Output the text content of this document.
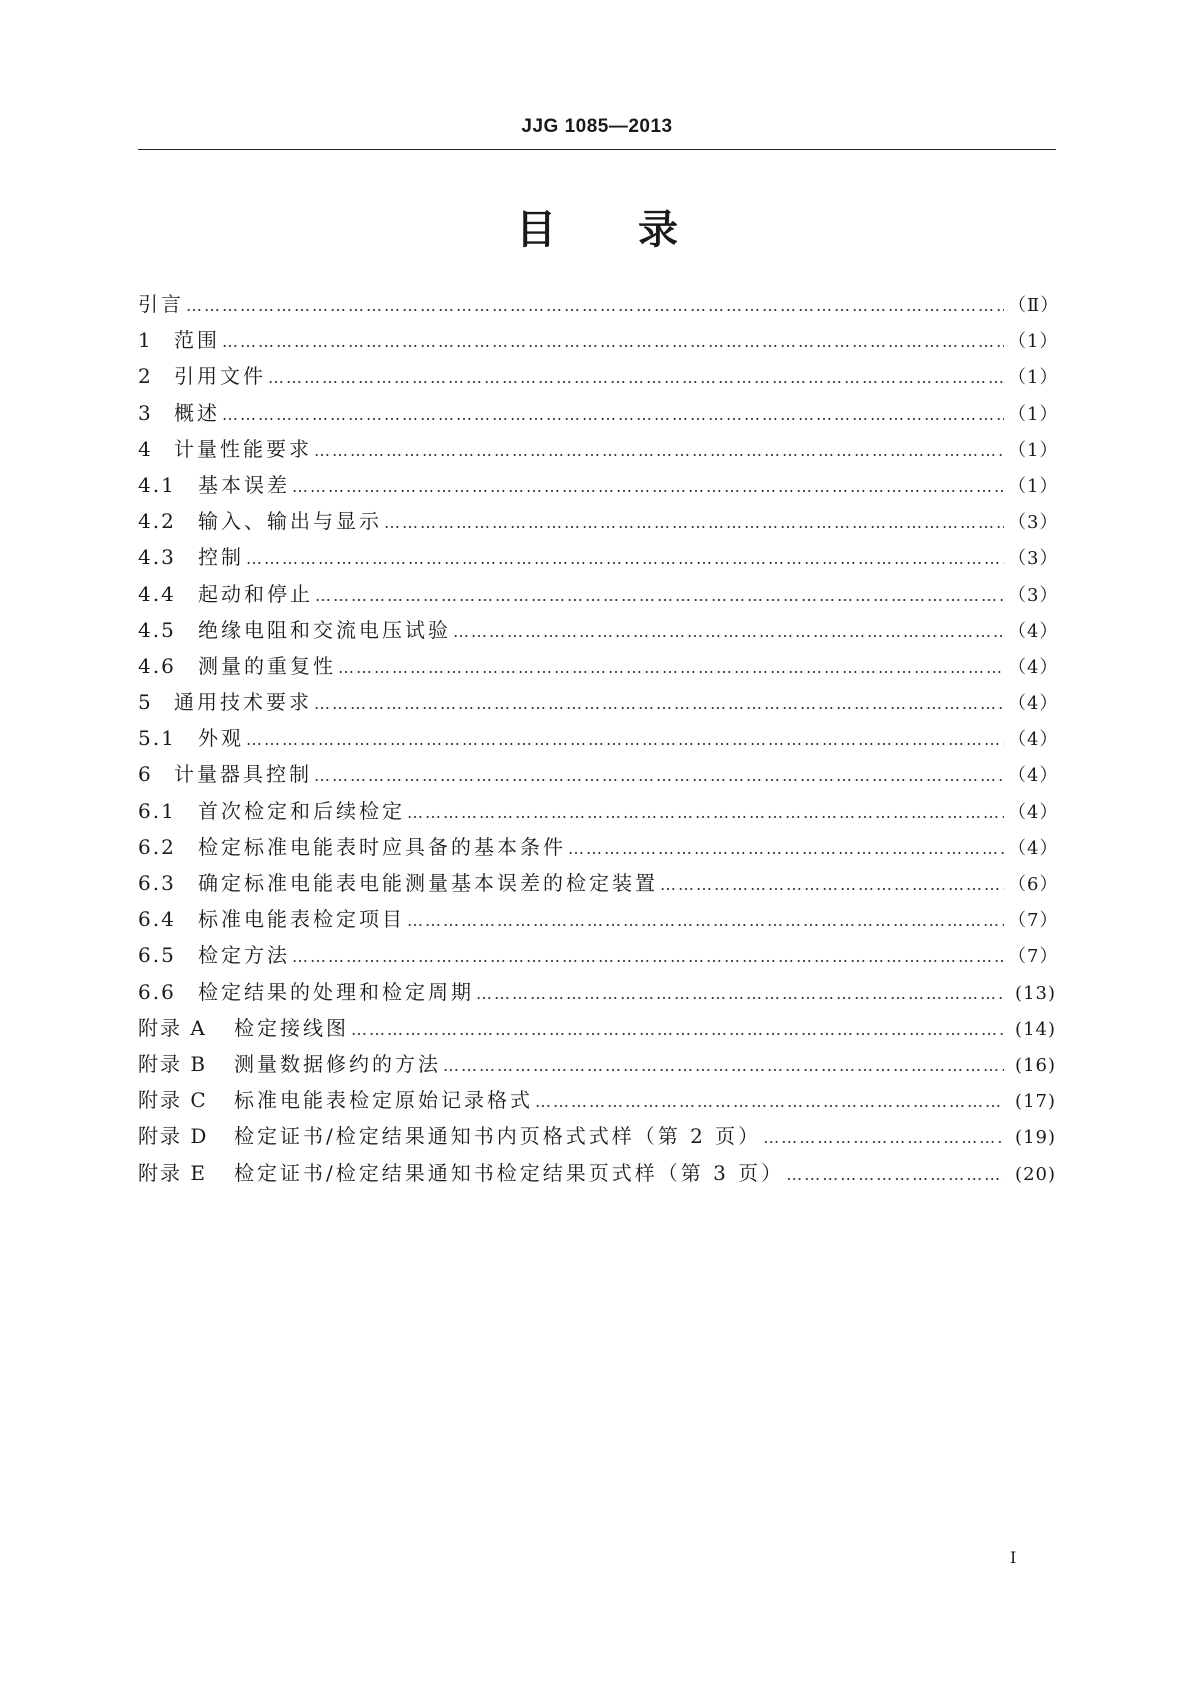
JJG 1085—2013
目录
引言 ………………………………………………………………………………………………………………………………………………………………………………………………………………………………………………	（Ⅱ）
1	范围 ………………………………………………………………………………………………………………………………………………………………………………………………………………………………………………	（1）
2	引用文件 ………………………………………………………………………………………………………………………………………………………………………………………………………………………………………………	（1）
3	概述 ………………………………………………………………………………………………………………………………………………………………………………………………………………………………………………	（1）
4	计量性能要求 ………………………………………………………………………………………………………………………………………………………………………………………………………………………………………………	（1）
4.1	基本误差 ………………………………………………………………………………………………………………………………………………………………………………………………………………………………………………	（1）
4.2	输入、输出与显示 ………………………………………………………………………………………………………………………………………………………………………………………………………………………………………………	（3）
4.3	控制 ………………………………………………………………………………………………………………………………………………………………………………………………………………………………………………	（3）
4.4	起动和停止 ………………………………………………………………………………………………………………………………………………………………………………………………………………………………………………	（3）
4.5	绝缘电阻和交流电压试验 ………………………………………………………………………………………………………………………………………………………………………………………………………………………………………………	（4）
4.6	测量的重复性 ………………………………………………………………………………………………………………………………………………………………………………………………………………………………………………	（4）
5	通用技术要求 ………………………………………………………………………………………………………………………………………………………………………………………………………………………………………………	（4）
5.1	外观 ………………………………………………………………………………………………………………………………………………………………………………………………………………………………………………	（4）
6	计量器具控制 ………………………………………………………………………………………………………………………………………………………………………………………………………………………………………………	（4）
6.1	首次检定和后续检定 ………………………………………………………………………………………………………………………………………………………………………………………………………………………………………………	（4）
6.2	检定标准电能表时应具备的基本条件 ………………………………………………………………………………………………………………………………………………………………………………………………………………………………………………	（4）
6.3	确定标准电能表电能测量基本误差的检定装置 ………………………………………………………………………………………………………………………………………………………………………………………………………………………………………………	（6）
6.4	标准电能表检定项目 ………………………………………………………………………………………………………………………………………………………………………………………………………………………………………………	（7）
6.5	检定方法 ………………………………………………………………………………………………………………………………………………………………………………………………………………………………………………	（7）
6.6	检定结果的处理和检定周期 ………………………………………………………………………………………………………………………………………………………………………………………………………………………………………………	(13)
附录 A	检定接线图 ………………………………………………………………………………………………………………………………………………………………………………………………………………………………………………	(14)
附录 B	测量数据修约的方法 ………………………………………………………………………………………………………………………………………………………………………………………………………………………………………………	(16)
附录 C	标准电能表检定原始记录格式 ………………………………………………………………………………………………………………………………………………………………………………………………………………………………………………	(17)
附录 D	检定证书/检定结果通知书内页格式式样（第 2 页） ………………………………………………………………………………………………………………………………………………………………………………………………………………………………………………	(19)
附录 E	检定证书/检定结果通知书检定结果页式样（第 3 页） ………………………………………………………………………………………………………………………………………………………………………………………………………………………………………………	(20)
I
